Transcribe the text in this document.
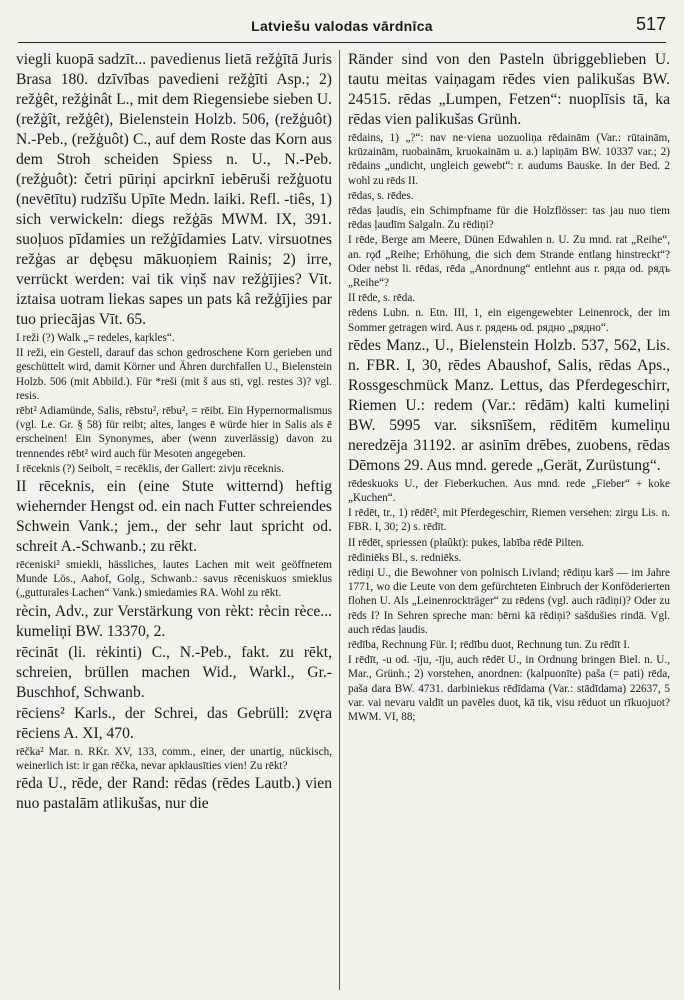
Latviešu valodas vārdnīca	517

viegli kuopā sadzīt... pavedienus lietā režģītā Juris Brasa 180. dzīvības pavedieni režģīti Asp.; 2) režģêt, režģinât L., mit dem Riegensiebe sieben U. (režģît, režģêt), Bielenstein Holzb. 506, (režģuôt) N.-Peb., (režģuôt) C., auf dem Roste das Korn aus dem Stroh scheiden Spiess n. U., N.-Peb. (režģuôt): četri pūriņi apcirknī iebēruši režģuotu (nevētītu) rudzīšu Upīte Medn. laiki. Refl. -tiês, 1) sich verwickeln: diegs režģās MWM. IX, 391. suoļuos pīdamies un režģīdamies Latv. virsuotnes režģas ar dębęsu mākuoņiem Rainis; 2) irre, verrückt werden: vai tik viņš nav režģījies? Vīt. iztaisa uotram liekas sapes un pats kâ režģījies par tuo priecājas Vīt. 65.

I reži (?) Walk „= redeles, kaŗkles“.

II reži, ein Gestell, darauf das schon gedroschene Korn gerieben und geschüttelt wird, damit Körner und Ähren durchfallen U., Bielenstein Holzb. 506 (mit Abbild.). Für *reši (mit š aus sti, vgl. restes 3)? vgl. resis.

rēbt² Adiamünde, Salis, rēbstu², rēbu², = rēibt. Ein Hypernormalismus (vgl. Le. Gr. § 58) für reibt; altes, langes ē würde hier in Salis als ē erscheinen! Ein Synonymes, aber (wenn zuverlässig) davon zu trennendes rēbt² wird auch für Mesoten angegeben.

I rēceknis (?) Seibolt, = recēklis, der Gallert: zivju rēceknis.

II rēceknis, ein (eine Stute witternd) heftig wiehernder Hengst od. ein nach Futter schreiendes Schwein Vank.; jem., der sehr laut spricht od. schreit A.-Schwanb.; zu rēkt.

rēceniski² smiekli, hässliches, lautes Lachen mit weit geöffnetem Munde Lös., Aahof, Golg., Schwanb.: savus rēceniskuos smieklus („gutturales Lachen“ Vank.) smiedamies RA. Wohl zu rēkt.

rècin, Adv., zur Verstärkung von rèkt: rècin rèce... kumeliņi BW. 13370, 2.

rēcināt (li. rėkinti) C., N.-Peb., fakt. zu rēkt, schreien, brüllen machen Wid., Warkl., Gr.-Buschhof, Schwanb.

rēciens² Karls., der Schrei, das Gebrüll: zvęra rēciens A. XI, 470.

rēčka² Mar. n. RKr. XV, 133, comm., einer, der unartig, nückisch, weinerlich ist: ir gan rēčka, nevar apklausīties vien! Zu rēkt?

rēda U., rēde, der Rand: rēdas (rēdes Lautb.) vien nuo pastalām atlikušas, nur die

Ränder sind von den Pasteln übriggeblieben U. tautu meitas vaiņagam rēdes vien palikušas BW. 24515. rēdas „Lumpen, Fetzen“: nuoplīsis tā, ka rēdas vien palikušas Grünh.

rēdains, 1) „?“: nav ne·viena uozuoliņa rēdainām (Var.: rūtainām, krūzainām, ruobainām, kruokainām u. a.) lapiņām BW. 10337 var.; 2) rēdains „undicht, ungleich gewebt“: r. audums Bauske. In der Bed. 2 wohl zu rēds II.

rēdas, s. rēdes.

rēdas ļaudis, ein Schimpfname für die Holzflösser: tas jau nuo tiem rēdas ļaudīm Salgaln. Zu rēdiņi?

I rēde, Berge am Meere, Dünen Edwahlen n. U. Zu mnd. rat „Reihe“, an. rǫđ „Reihe; Erhöhung, die sich dem Strande entlang hinstreckt“? Oder nebst li. rēdas, rēda „Anordnung“ entlehnt aus r. ряда od. рядъ „Reihe“?

II rēde, s. rēda.

rēdens Lubn. n. Etn. III, 1, ein eigengewebter Leinenrock, der im Sommer getragen wird. Aus r. рядень od. рядно „рядно“.

rēdes Manz., U., Bielenstein Holzb. 537, 562, Lis. n. FBR. I, 30, rēdes Abaushof, Salis, rēdas Aps., Rossgeschmück Manz. Lettus, das Pferdegeschirr, Riemen U.: redem (Var.: rēdām) kalti kumeliņi BW. 5995 var. siksnīšem, rēditēm kumeliņu neredzēja 31192. ar asinīm drēbes, zuobens, rēdas Dēmons 29. Aus mnd. gerede „Gerät, Zurüstung“.

rēdeskuoks U., der Fieberkuchen. Aus mnd. rede „Fieber“ + koke „Kuchen“.

I rēdēt, tr., 1) rēdēt², mit Pferdegeschirr, Riemen versehen: zirgu Lis. n. FBR. I, 30; 2) s. rēdīt.

II rēdēt, spriessen (plaûkt): pukes, labība rēdē Pilten.

rēdiniēks Bl., s. redniēks.

rēdiņi U., die Bewohner von polnisch Livland; rēdiņu karš — im Jahre 1771, wo die Leute von dem gefürchteten Einbruch der Konföderierten flohen U. Als „Leinenrockträger“ zu rēdens (vgl. auch rādiņi)? Oder zu rēds I? In Sehren spreche man: bērni kā rēdiņi? sašdušies rindā. Vgl. auch rēdas ļaudis.

rēdība, Rechnung Für. I; rēdību duot, Rechnung tun. Zu rēdīt I.

I rēdīt, -u od. -īju, -īju, auch rēdēt U., in Ordnung bringen Biel. n. U., Mar., Grünh.; 2) vorstehen, anordnen: (kalpuonīte) paša (= pati) rēda, paša dara BW. 4731. darbiniekus rēdīdama (Var.: stādīdama) 22637, 5 var. vai nevaru valdīt un pavēles duot, kā tik, visu rēduot un rīkuojuot? MWM. VI, 88;
